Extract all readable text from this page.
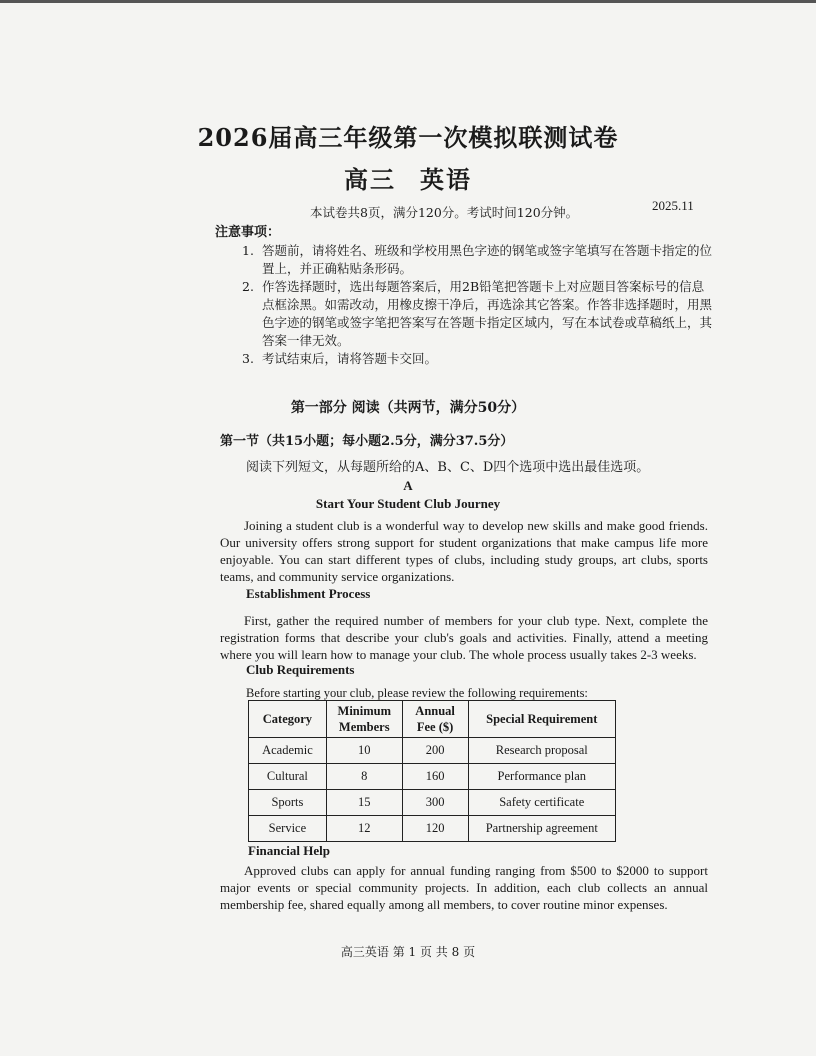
2026届高三年级第一次模拟联测试卷
高三 英语
本试卷共8页，满分120分。考试时间120分钟。	2025.11
注意事项：
1. 答题前，请将姓名、班级和学校用黑色字迹的钢笔或签字笔填写在答题卡指定的位置上，并正确粘贴条形码。
2. 作答选择题时，选出每题答案后，用2B铅笔把答题卡上对应题目答案标号的信息点框涂黑。如需改动，用橡皮擦干净后，再选涂其它答案。作答非选择题时，用黑色字迹的钢笔或签字笔把答案写在答题卡指定区域内，写在本试卷或草稿纸上，其答案一律无效。
3. 考试结束后，请将答题卡交回。
第一部分 阅读（共两节，满分50分）
第一节（共15小题；每小题2.5分，满分37.5分）
阅读下列短文，从每题所给的A、B、C、D四个选项中选出最佳选项。
A
Start Your Student Club Journey

Joining a student club is a wonderful way to develop new skills and make good friends. Our university offers strong support for student organizations that make campus life more enjoyable. You can start different types of clubs, including study groups, art clubs, sports teams, and community service organizations.

Establishment Process

First, gather the required number of members for your club type. Next, complete the registration forms that describe your club's goals and activities. Finally, attend a meeting where you will learn how to manage your club. The whole process usually takes 2-3 weeks.

Club Requirements
Before starting your club, please review the following requirements:
Category	Minimum Members	Annual Fee ($)	Special Requirement
Academic	10	200	Research proposal
Cultural	8	160	Performance plan
Sports	15	300	Safety certificate
Service	12	120	Partnership agreement
Financial Help

Approved clubs can apply for annual funding ranging from $500 to $2000 to support major events or special community projects. In addition, each club collects an annual membership fee, shared equally among all members, to cover routine minor expenses.

高三英语 第 1 页 共 8 页
